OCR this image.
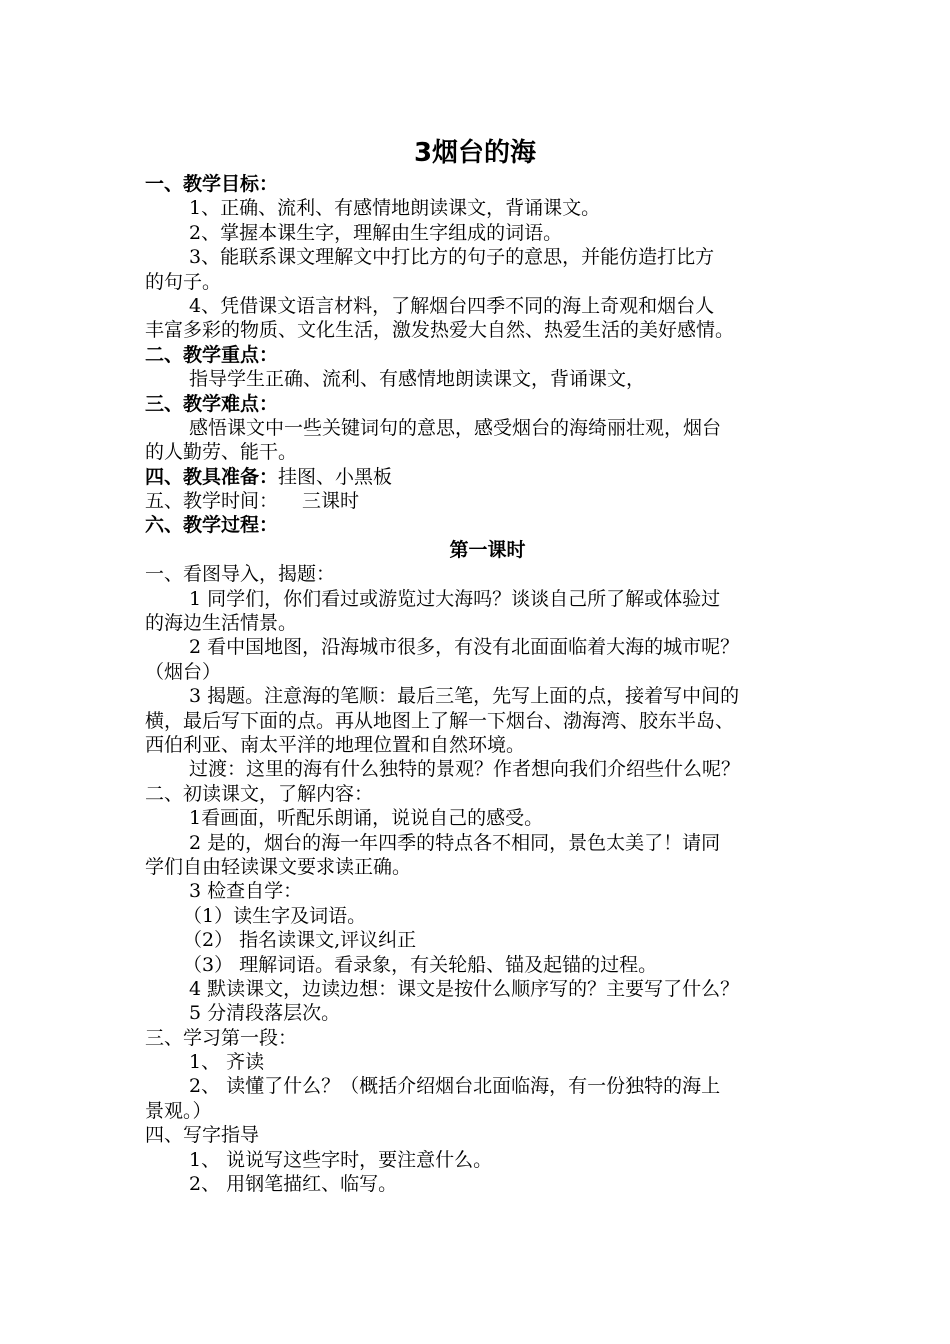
3烟台的海
一、教学目标：
1、正确、流利、有感情地朗读课文，背诵课文。
2、掌握本课生字，理解由生字组成的词语。
3、能联系课文理解文中打比方的句子的意思，并能仿造打比方
的句子。
4、凭借课文语言材料，了解烟台四季不同的海上奇观和烟台人
丰富多彩的物质、文化生活，激发热爱大自然、热爱生活的美好感情。
二、教学重点：
指导学生正确、流利、有感情地朗读课文，背诵课文，
三、教学难点：
感悟课文中一些关键词句的意思，感受烟台的海绮丽壮观，烟台
的人勤劳、能干。
四、教具准备：挂图、小黑板
五、教学时间： 三课时
六、教学过程：
第一课时
一、看图导入，揭题：
1 同学们，你们看过或游览过大海吗？谈谈自己所了解或体验过
的海边生活情景。
2 看中国地图，沿海城市很多，有没有北面面临着大海的城市呢？
（烟台）
3 揭题。注意海的笔顺：最后三笔，先写上面的点，接着写中间的
横，最后写下面的点。再从地图上了解一下烟台、渤海湾、胶东半岛、
西伯利亚、南太平洋的地理位置和自然环境。
过渡：这里的海有什么独特的景观？作者想向我们介绍些什么呢？
二、初读课文，了解内容：
1看画面，听配乐朗诵，说说自己的感受。
2 是的，烟台的海一年四季的特点各不相同，景色太美了！请同
学们自由轻读课文要求读正确。
3 检查自学：
（1）读生字及词语。
（2） 指名读课文,评议纠正
（3） 理解词语。看录象，有关轮船、锚及起锚的过程。
4 默读课文，边读边想：课文是按什么顺序写的？主要写了什么？
5 分清段落层次。
三、学习第一段：
1、 齐读
2、 读懂了什么？（概括介绍烟台北面临海，有一份独特的海上
景观。）
四、写字指导
1、 说说写这些字时，要注意什么。
2、 用钢笔描红、临写。
